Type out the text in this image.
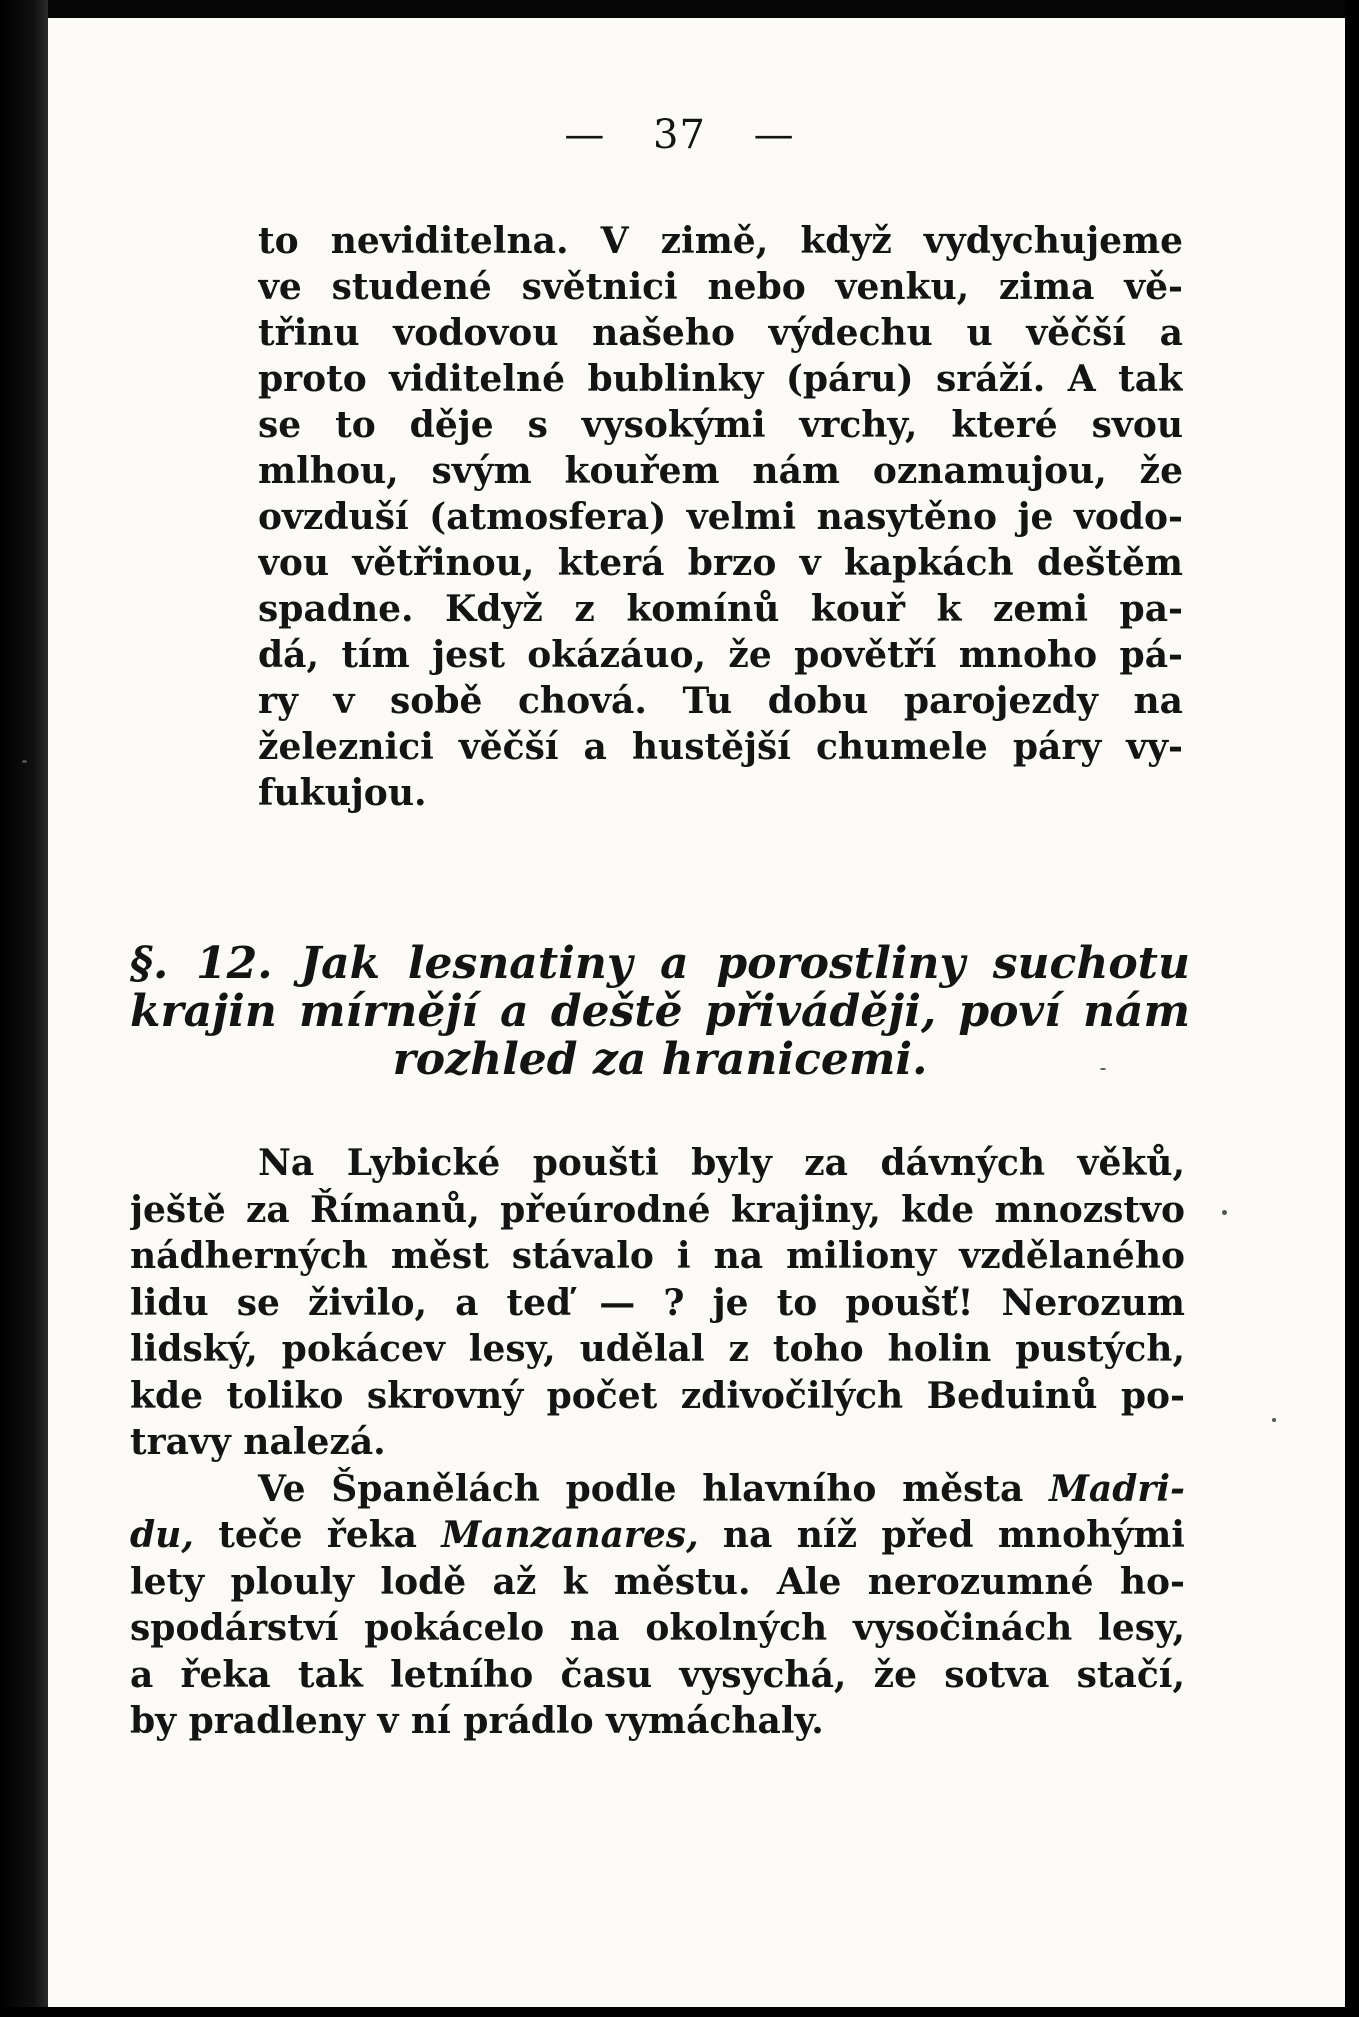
— 37 —
to neviditelna. V zimě, když vydychujeme
ve studené světnici nebo venku, zima vě-
třinu vodovou našeho výdechu u věčší a
proto viditelné bublinky (páru) sráží. A tak
se to děje s vysokými vrchy, které svou
mlhou, svým kouřem nám oznamujou, že
ovzduší (atmosfera) velmi nasytěno je vodo-
vou větřinou, která brzo v kapkách deštěm
spadne. Když z komínů kouř k zemi pa-
dá, tím jest okázáuo, že povětří mnoho pá-
ry v sobě chová. Tu dobu parojezdy na
železnici věčší a hustější chumele páry vy-
fukujou.
§. 12. Jak lesnatiny a porostliny suchotu
krajin mírnějí a deště přiváději, poví nám
rozhled za hranicemi.
Na Lybické poušti byly za dávných věků,
ještě za Římanů, přeúrodné krajiny, kde mnozstvo
nádherných měst stávalo i na miliony vzdělaného
lidu se živilo, a teď — ? je to poušť! Nerozum
lidský, pokácev lesy, udělal z toho holin pustých,
kde toliko skrovný počet zdivočilých Beduinů po-
travy nalezá.
Ve Španělách podle hlavního města Madri-
du, teče řeka Manzanares, na níž před mnohými
lety plouly lodě až k městu. Ale nerozumné ho-
spodárství pokácelo na okolných vysočinách lesy,
a řeka tak letního času vysychá, že sotva stačí,
by pradleny v ní prádlo vymáchaly.
